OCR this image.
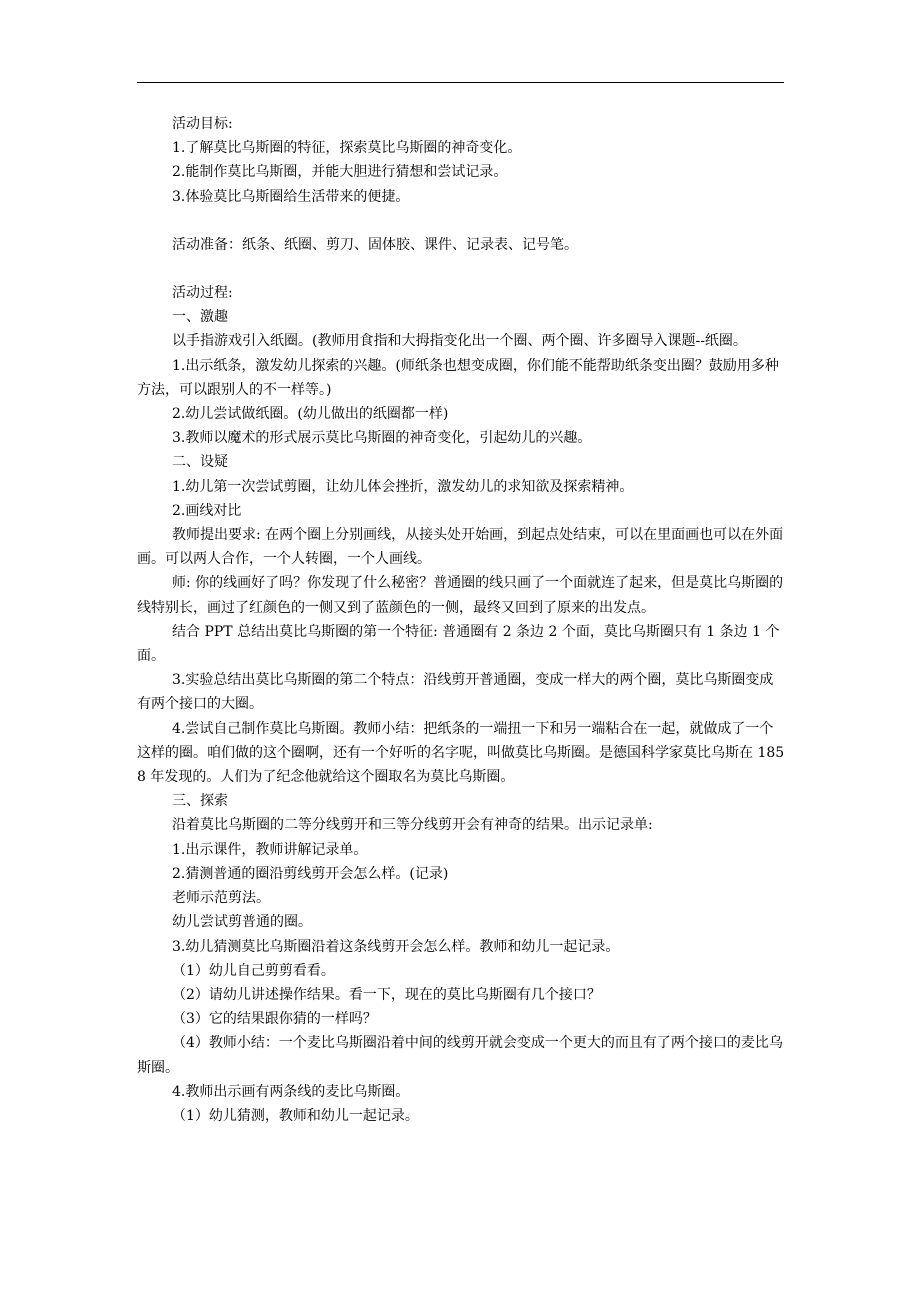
活动目标:

1.了解莫比乌斯圈的特征，探索莫比乌斯圈的神奇变化。

2.能制作莫比乌斯圈，并能大胆进行猜想和尝试记录。

3.体验莫比乌斯圈给生活带来的便捷。

活动准备：纸条、纸圈、剪刀、固体胶、课件、记录表、记号笔。

活动过程:

一、激趣

以手指游戏引入纸圈。(教师用食指和大拇指变化出一个圈、两个圈、许多圈导入课题--纸圈。

1.出示纸条，激发幼儿探索的兴趣。(师纸条也想变成圈，你们能不能帮助纸条变出圈？鼓励用多种方法，可以跟别人的不一样等。)

2.幼儿尝试做纸圈。(幼儿做出的纸圈都一样)

3.教师以魔术的形式展示莫比乌斯圈的神奇变化，引起幼儿的兴趣。

二、设疑

1.幼儿第一次尝试剪圈，让幼儿体会挫折，激发幼儿的求知欲及探索精神。

2.画线对比

教师提出要求: 在两个圈上分别画线，从接头处开始画，到起点处结束，可以在里面画也可以在外面画。可以两人合作，一个人转圈，一个人画线。

师: 你的线画好了吗？你发现了什么秘密？普通圈的线只画了一个面就连了起来，但是莫比乌斯圈的线特别长，画过了红颜色的一侧又到了蓝颜色的一侧，最终又回到了原来的出发点。

结合 PPT 总结出莫比乌斯圈的第一个特征: 普通圈有 2 条边 2 个面，莫比乌斯圈只有 1 条边 1 个面。

3.实验总结出莫比乌斯圈的第二个特点：沿线剪开普通圈，变成一样大的两个圈，莫比乌斯圈变成有两个接口的大圈。

4.尝试自己制作莫比乌斯圈。教师小结：把纸条的一端扭一下和另一端粘合在一起，就做成了一个这样的圈。咱们做的这个圈啊，还有一个好听的名字呢，叫做莫比乌斯圈。是德国科学家莫比乌斯在 1858 年发现的。人们为了纪念他就给这个圈取名为莫比乌斯圈。

三、探索

沿着莫比乌斯圈的二等分线剪开和三等分线剪开会有神奇的结果。出示记录单:

1.出示课件，教师讲解记录单。

2.猜测普通的圈沿剪线剪开会怎么样。(记录)

老师示范剪法。

幼儿尝试剪普通的圈。

3.幼儿猜测莫比乌斯圈沿着这条线剪开会怎么样。教师和幼儿一起记录。

（1）幼儿自己剪剪看看。

（2）请幼儿讲述操作结果。看一下，现在的莫比乌斯圈有几个接口？

（3）它的结果跟你猜的一样吗？

（4）教师小结：一个麦比乌斯圈沿着中间的线剪开就会变成一个更大的而且有了两个接口的麦比乌斯圈。

4.教师出示画有两条线的麦比乌斯圈。

（1）幼儿猜测，教师和幼儿一起记录。
